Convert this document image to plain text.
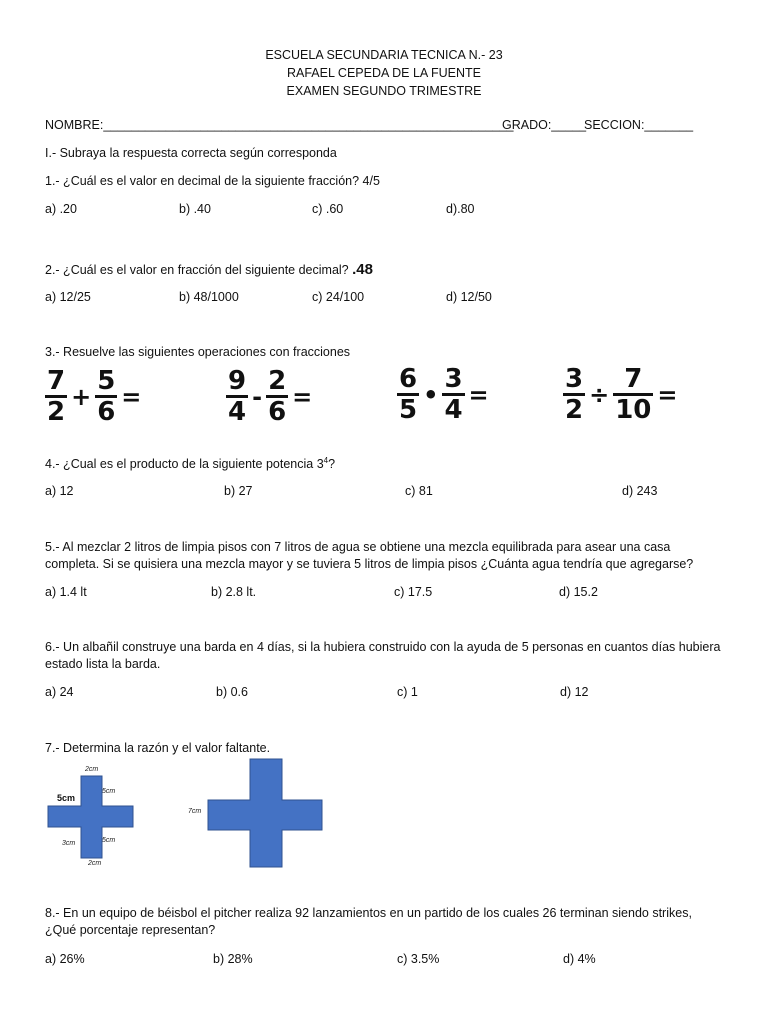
ESCUELA SECUNDARIA TECNICA N.- 23
RAFAEL CEPEDA DE LA FUENTE
EXAMEN SEGUNDO TRIMESTRE
NOMBRE:___________________________________________________________
GRADO:_____
SECCION:_______
I.- Subraya la respuesta correcta según corresponda
1.- ¿Cuál es el valor en decimal de la siguiente fracción? 4/5
a) .20	b) .40	c) .60	d).80
2.- ¿Cuál es el valor en fracción del siguiente decimal? .48
a) 12/25	b) 48/1000	c) 24/100	d) 12/50
3.- Resuelve las siguientes operaciones con fracciones
$\frac{7}{2} + \frac{5}{6}$ =	$\frac{9}{4} - \frac{2}{6}$ =	$\frac{6}{5}$ • $\frac{3}{4}$ =	$\frac{3}{2} \div \frac{7}{10}$ =
4.- ¿Cual es el producto de la siguiente potencia $3^4$?
a) 12	b) 27	c) 81	d) 243
5.- Al mezclar 2 litros de limpia pisos con 7 litros de agua se obtiene una mezcla equilibrada para asear una casa
completa. Si se quisiera una mezcla mayor y se tuviera 5 litros de limpia pisos ¿Cuánta agua tendría que agregarse?
a) 1.4 lt	b) 2.8 lt.	c) 17.5	d) 15.2
6.- Un albañil construye una barda en 4 días, si la hubiera construido con la ayuda de 5 personas en cuantos días hubiera
estado lista la barda.
a) 24	b) 0.6	c) 1	d) 12
7.- Determina la razón y el valor faltante.
2cm
5cm
5cm
3cm	5cm
2cm
7cm
8.- En un equipo de béisbol el pitcher realiza 92 lanzamientos en un partido de los cuales 26 terminan siendo strikes,
¿Qué porcentaje representan?
a) 26%	b) 28%	c) 3.5%	d) 4%
